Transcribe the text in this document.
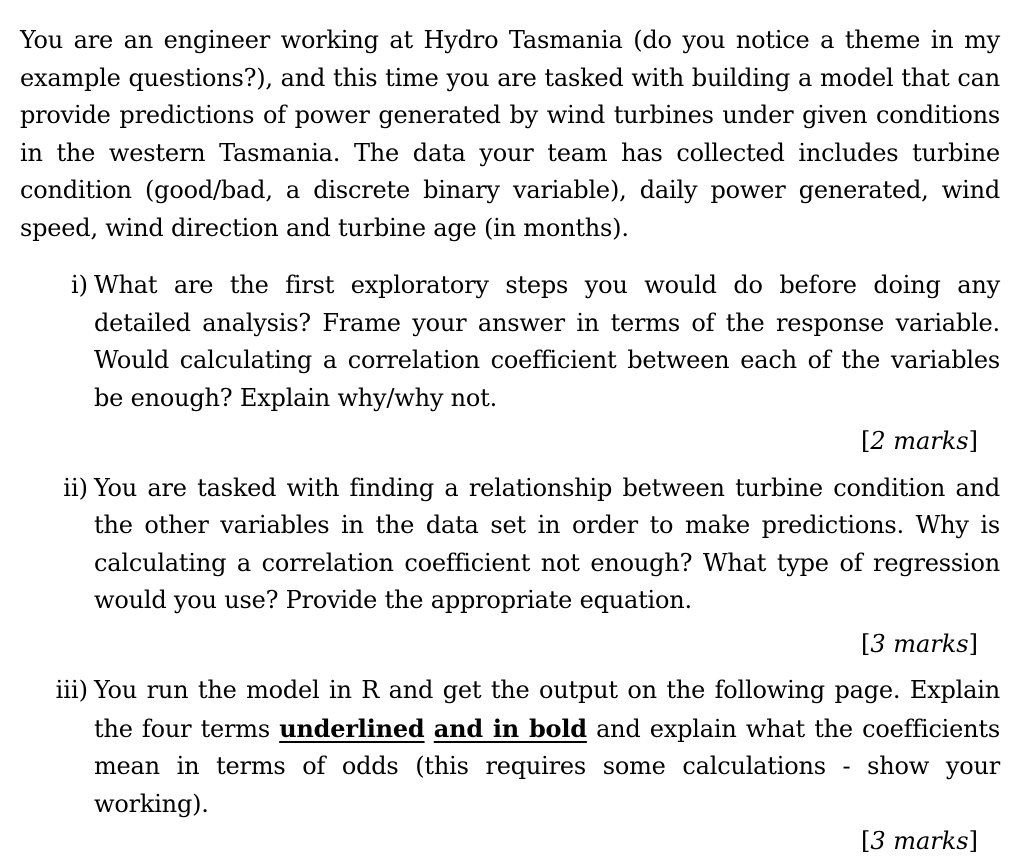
You are an engineer working at Hydro Tasmania (do you notice a theme in my example questions?), and this time you are tasked with building a model that can provide predictions of power generated by wind turbines under given conditions in the western Tasmania. The data your team has collected includes turbine condition (good/bad, a discrete binary variable), daily power generated, wind speed, wind direction and turbine age (in months).

i) What are the first exploratory steps you would do before doing any detailed analysis? Frame your answer in terms of the response variable. Would calculating a correlation coefficient between each of the variables be enough? Explain why/why not.

[2 marks]
ii) You are tasked with finding a relationship between turbine condition and the other variables in the data set in order to make predictions. Why is calculating a correlation coefficient not enough? What type of regression would you use? Provide the appropriate equation.

[3 marks]
iii) You run the model in R and get the output on the following page. Explain the four terms underlined and in bold and explain what the coefficients mean in terms of odds (this requires some calculations - show your working).

[3 marks]
